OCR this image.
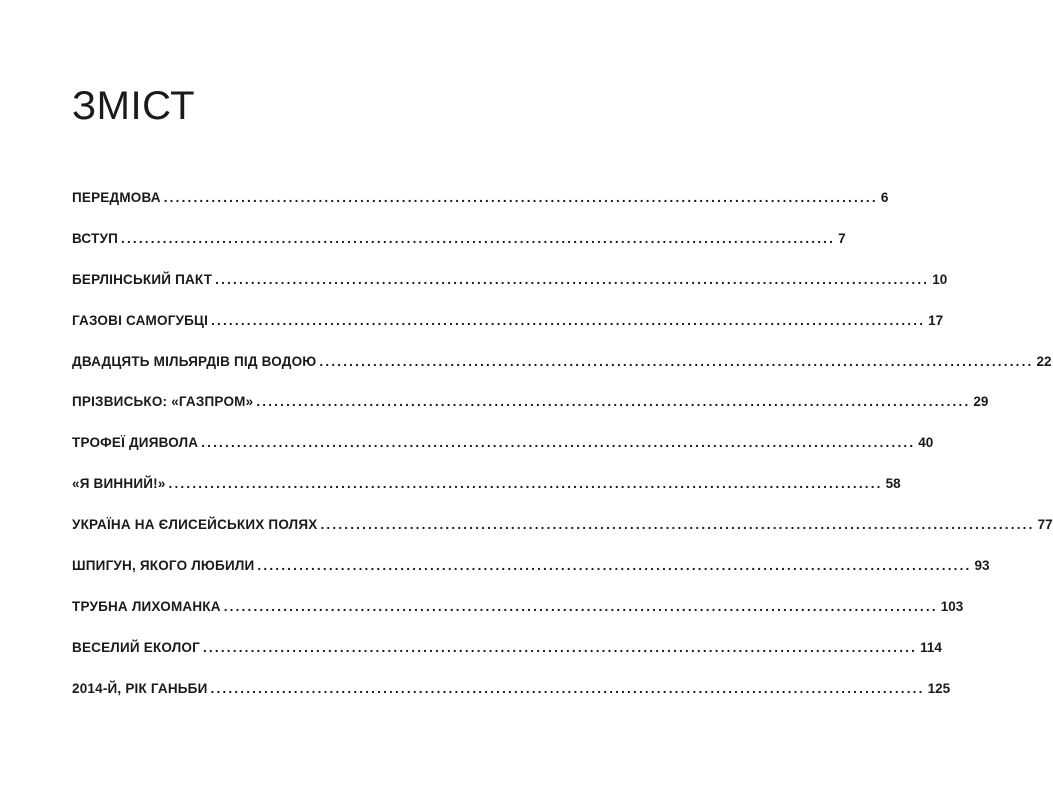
ЗМІСТ
ПЕРЕДМОВА ........................................................................................................................ 6
ВСТУП ........................................................................................................................ 7
БЕРЛІНСЬКИЙ ПАКТ ........................................................................................................................ 10
ГАЗОВІ САМОГУБЦІ ........................................................................................................................ 17
ДВАДЦЯТЬ МІЛЬЯРДІВ ПІД ВОДОЮ ........................................................................................................................ 22
ПРІЗВИСЬКО: «ГАЗПРОМ» ........................................................................................................................ 29
ТРОФЕЇ ДИЯВОЛА ........................................................................................................................ 40
«Я ВИННИЙ!» ........................................................................................................................ 58
УКРАЇНА НА ЄЛИСЕЙСЬКИХ ПОЛЯХ ........................................................................................................................ 77
ШПИГУН, ЯКОГО ЛЮБИЛИ ........................................................................................................................ 93
ТРУБНА ЛИХОМАНКА ........................................................................................................................ 103
ВЕСЕЛИЙ ЕКОЛОГ ........................................................................................................................ 114
2014-Й, РІК ГАНЬБИ ........................................................................................................................ 125
